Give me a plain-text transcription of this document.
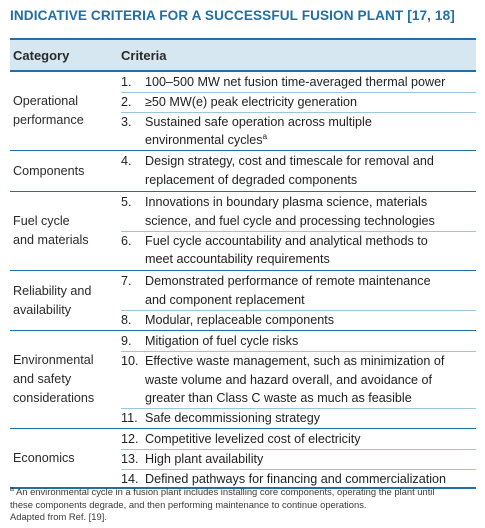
INDICATIVE CRITERIA FOR A SUCCESSFUL FUSION PLANT [17, 18]
Category	Criteria
Operational
performance
1. 100–500 MW net fusion time-averaged thermal power
2. ≥50 MW(e) peak electricity generation
3. Sustained safe operation across multiple
environmental cycles$^a$
Components
4. Design strategy, cost and timescale for removal and
replacement of degraded components
Fuel cycle
and materials
5. Innovations in boundary plasma science, materials
science, and fuel cycle and processing technologies
6. Fuel cycle accountability and analytical methods to
meet accountability requirements
Reliability and
availability
7. Demonstrated performance of remote maintenance
and component replacement
8. Modular, replaceable components
Environmental
and safety
considerations
9. Mitigation of fuel cycle risks
10. Effective waste management, such as minimization of
waste volume and hazard overall, and avoidance of
greater than Class C waste as much as feasible
11. Safe decommissioning strategy
Economics
12. Competitive levelized cost of electricity
13. High plant availability
14. Defined pathways for financing and commercialization
$^a$ An environmental cycle in a fusion plant includes installing core components, operating the plant until
these components degrade, and then performing maintenance to continue operations.
Adapted from Ref. [19].
